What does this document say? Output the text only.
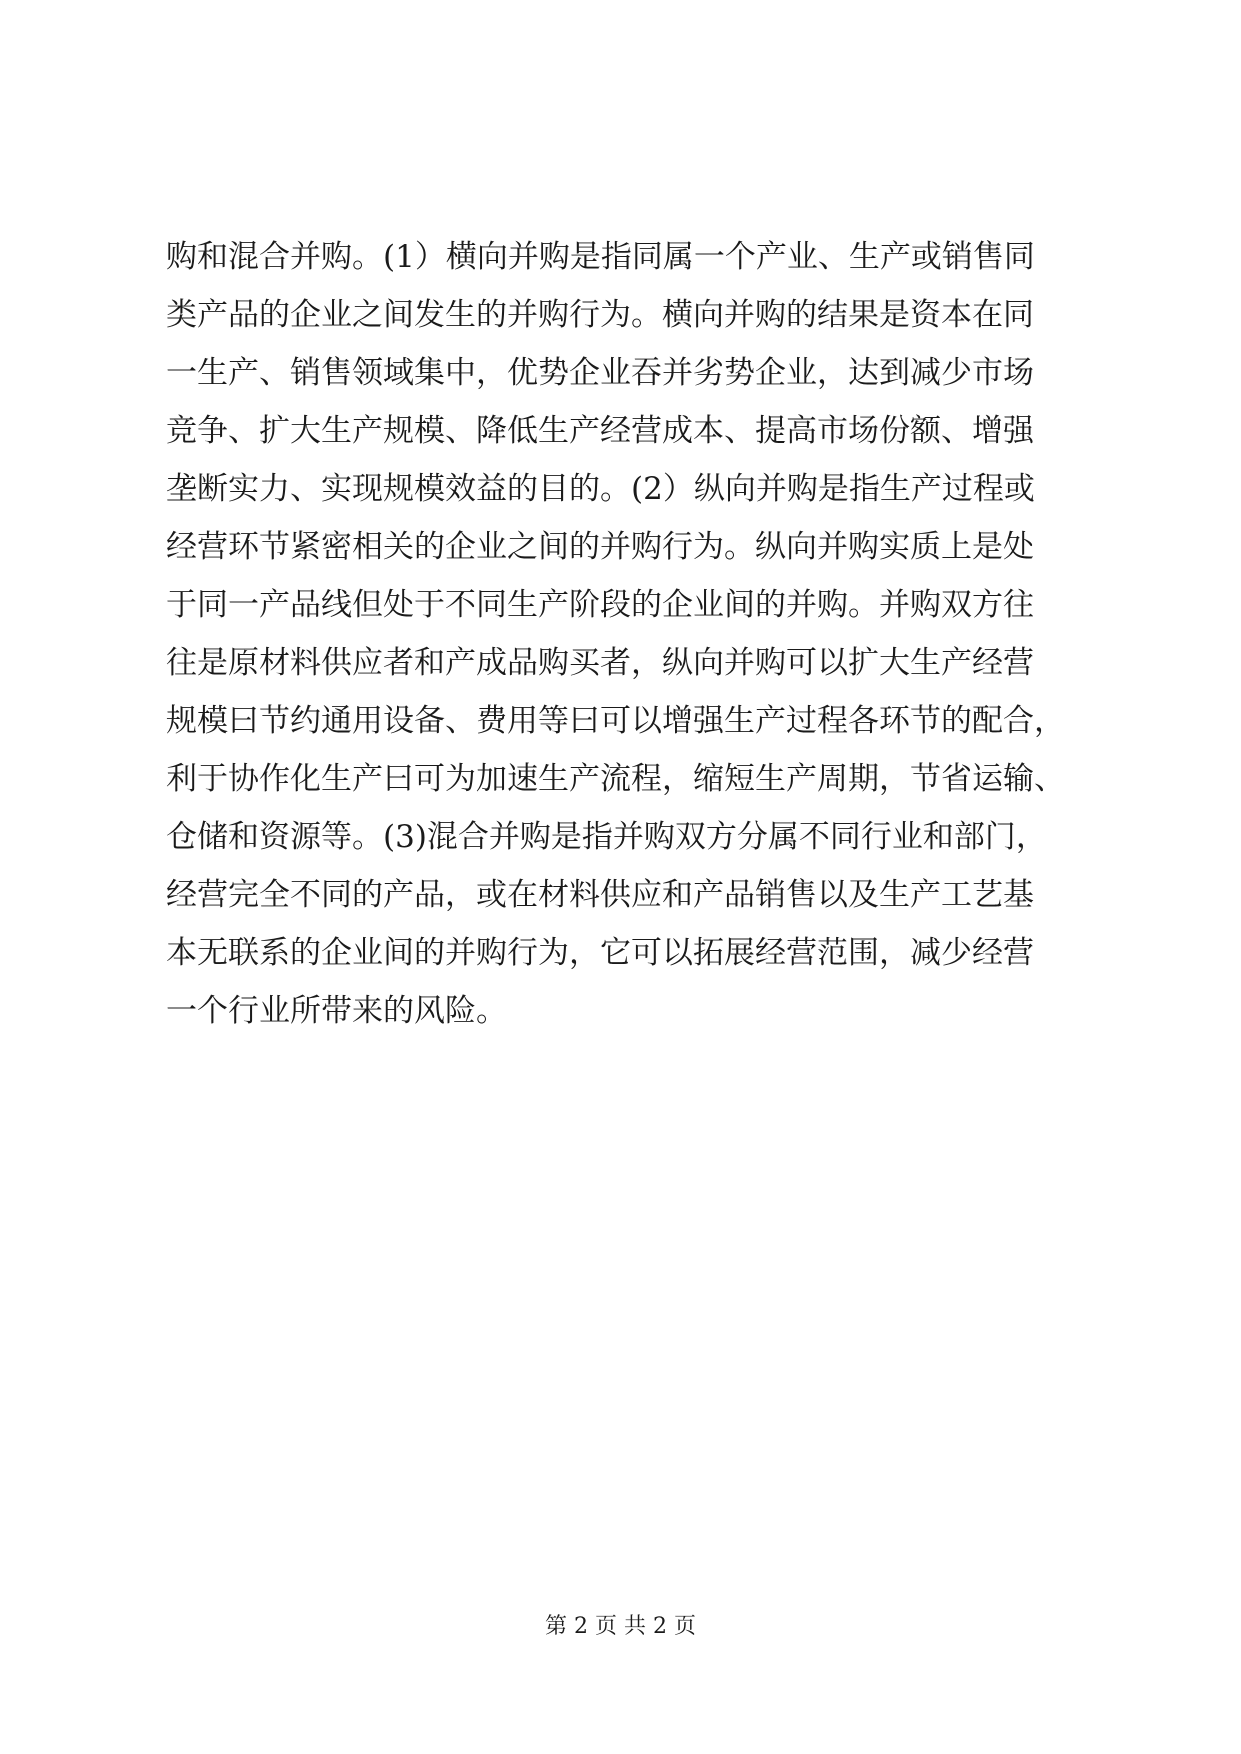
购和混合并购。(1）横向并购是指同属一个产业、生产或销售同
类产品的企业之间发生的并购行为。横向并购的结果是资本在同
一生产、销售领域集中，优势企业吞并劣势企业，达到减少市场
竞争、扩大生产规模、降低生产经营成本、提高市场份额、增强
垄断实力、实现规模效益的目的。(2）纵向并购是指生产过程或
经营环节紧密相关的企业之间的并购行为。纵向并购实质上是处
于同一产品线但处于不同生产阶段的企业间的并购。并购双方往
往是原材料供应者和产成品购买者，纵向并购可以扩大生产经营
规模曰节约通用设备、费用等曰可以增强生产过程各环节的配合，
利于协作化生产曰可为加速生产流程，缩短生产周期，节省运输、
仓储和资源等。(3)混合并购是指并购双方分属不同行业和部门，
经营完全不同的产品，或在材料供应和产品销售以及生产工艺基
本无联系的企业间的并购行为，它可以拓展经营范围，减少经营
一个行业所带来的风险。
第 2 页 共 2 页
